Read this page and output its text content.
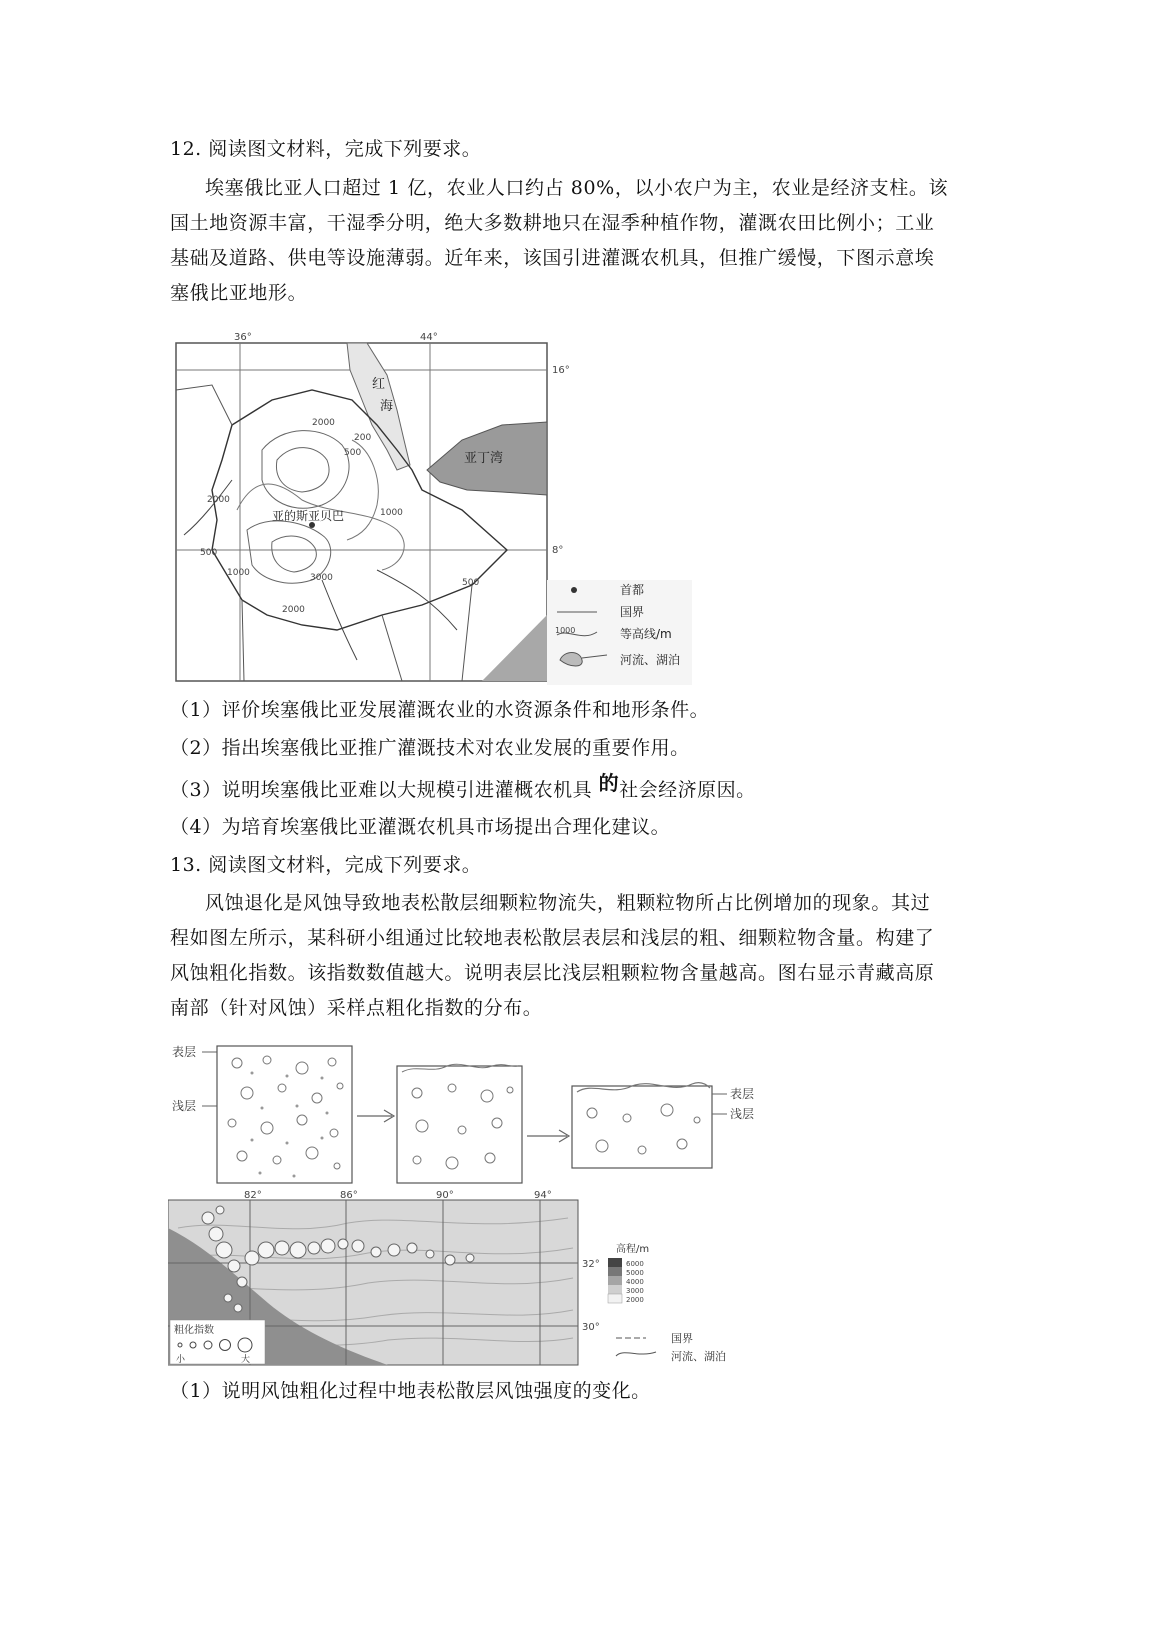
12. 阅读图文材料，完成下列要求。
埃塞俄比亚人口超过 1 亿，农业人口约占 80%，以小农户为主，农业是经济支柱。该
国土地资源丰富，干湿季分明，绝大多数耕地只在湿季种植作物，灌溉农田比例小；工业
基础及道路、供电等设施薄弱。近年来，该国引进灌溉农机具，但推广缓慢，下图示意埃
塞俄比亚地形。
36°	44°
16°
8°
红
海
亚丁湾
亚的斯亚贝巴
2000
200
500
1000
2000
500
1000	3000
2000
500	首都
国界
1000	等高线/m
河流、湖泊
（1）评价埃塞俄比亚发展灌溉农业的水资源条件和地形条件。
（2）指出埃塞俄比亚推广灌溉技术对农业发展的重要作用。
（3）说明埃塞俄比亚难以大规模引进灌概农机具 的社会经济原因。
（4）为培育埃塞俄比亚灌溉农机具市场提出合理化建议。
13. 阅读图文材料，完成下列要求。
风蚀退化是风蚀导致地表松散层细颗粒物流失，粗颗粒物所占比例增加的现象。其过
程如图左所示，某科研小组通过比较地表松散层表层和浅层的粗、细颗粒物含量。构建了
风蚀粗化指数。该指数数值越大。说明表层比浅层粗颗粒物含量越高。图右显示青藏高原
南部（针对风蚀）采样点粗化指数的分布。
表层
浅层
表层
浅层
82°	86°	90°	94°
32°
30°
粗化指数
小	大
高程/m
6000
5000
4000
3000
2000
国界
河流、湖泊
（1）说明风蚀粗化过程中地表松散层风蚀强度的变化。
